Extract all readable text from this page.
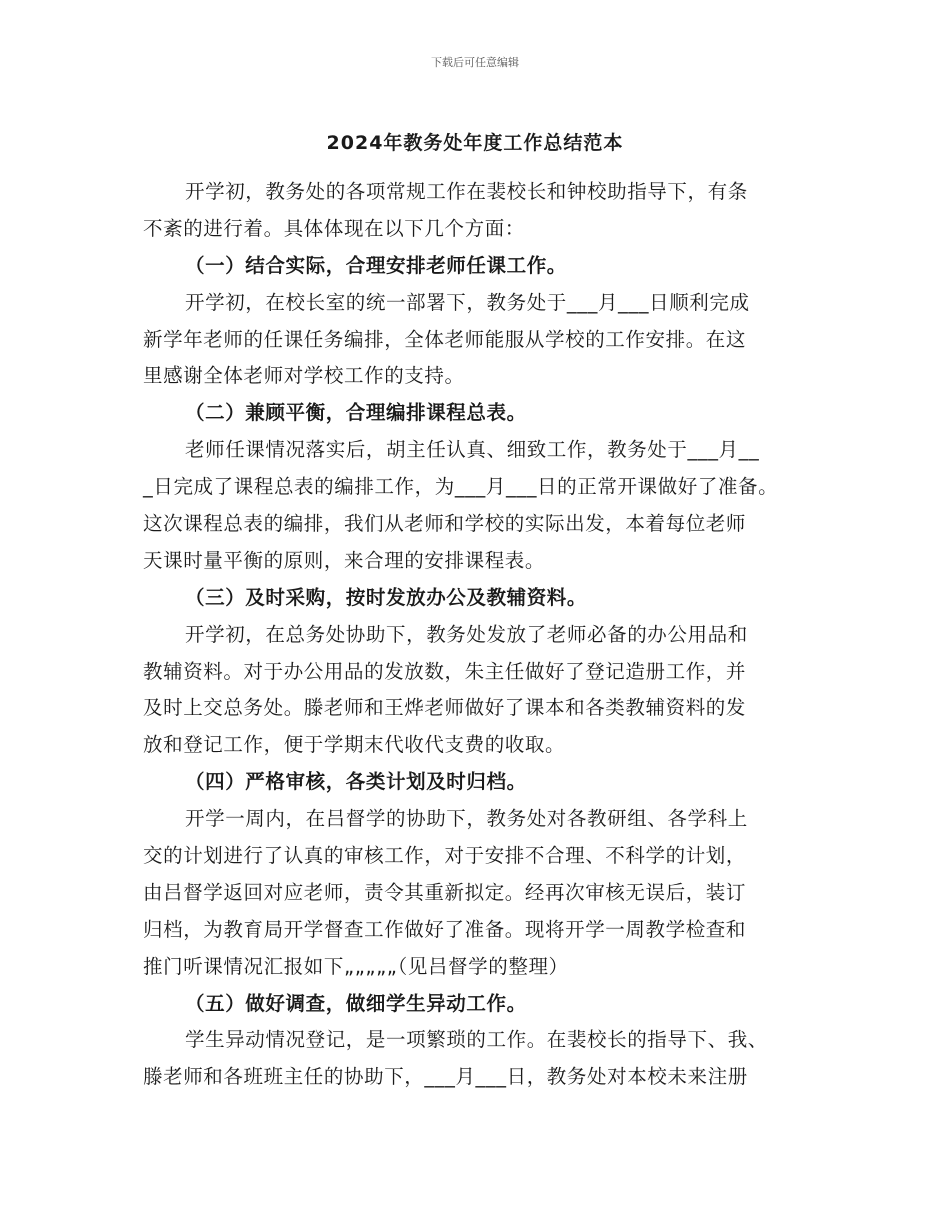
下载后可任意编辑
2024年教务处年度工作总结范本
开学初，教务处的各项常规工作在裴校长和钟校助指导下，有条
不紊的进行着。具体体现在以下几个方面：
（一）结合实际，合理安排老师任课工作。
开学初，在校长室的统一部署下，教务处于___月___日顺利完成
新学年老师的任课任务编排，全体老师能服从学校的工作安排。在这
里感谢全体老师对学校工作的支持。
（二）兼顾平衡，合理编排课程总表。
老师任课情况落实后，胡主任认真、细致工作，教务处于___月__
_日完成了课程总表的编排工作，为___月___日的正常开课做好了准备。
这次课程总表的编排，我们从老师和学校的实际出发，本着每位老师
天课时量平衡的原则，来合理的安排课程表。
（三）及时采购，按时发放办公及教辅资料。
开学初，在总务处协助下，教务处发放了老师必备的办公用品和
教辅资料。对于办公用品的发放数，朱主任做好了登记造册工作，并
及时上交总务处。滕老师和王烨老师做好了课本和各类教辅资料的发
放和登记工作，便于学期末代收代支费的收取。
（四）严格审核，各类计划及时归档。
开学一周内，在吕督学的协助下，教务处对各教研组、各学科上
交的计划进行了认真的审核工作，对于安排不合理、不科学的计划，
由吕督学返回对应老师，责令其重新拟定。经再次审核无误后，装订
归档，为教育局开学督查工作做好了准备。现将开学一周教学检查和
推门听课情况汇报如下„„„„„（见吕督学的整理）
（五）做好调查，做细学生异动工作。
学生异动情况登记，是一项繁琐的工作。在裴校长的指导下、我、
滕老师和各班班主任的协助下，___月___日，教务处对本校未来注册
